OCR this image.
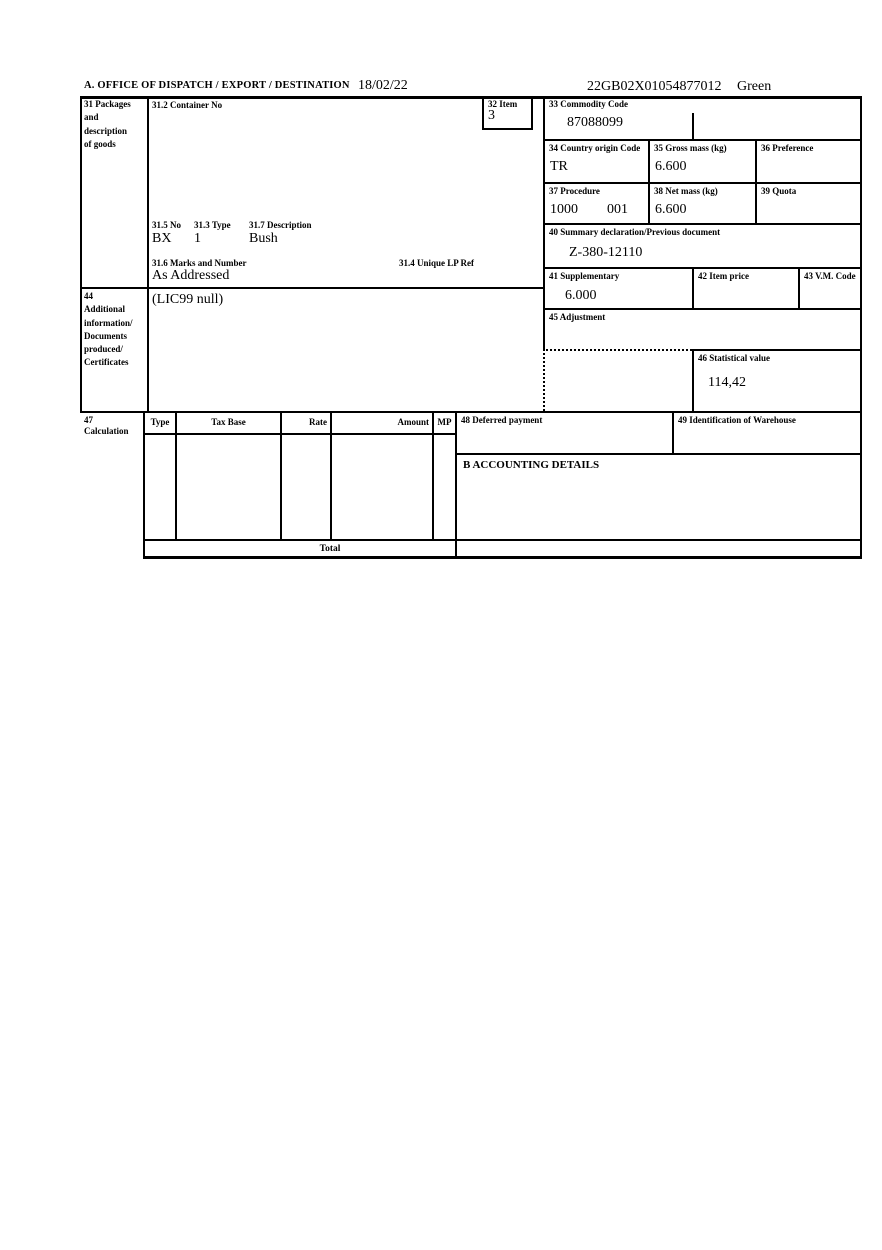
A. OFFICE OF DISPATCH / EXPORT / DESTINATION 18/02/22	22GB02X01054877012 Green
31 Packages
and
description
of goods
31.2 Container No
31.5 No 31.3 Type 31.7 Description
BX 1	Bush
31.6 Marks and Number	31.4 Unique LP Ref
As Addressed
32 Item
3
33 Commodity Code
87088099
34 Country origin Code
TR
35 Gross mass (kg)
6.600
36 Preference
37 Procedure
1000 001
38 Net mass (kg)
6.600
39 Quota
40 Summary declaration/Previous document
Z-380-12110
41 Supplementary
6.000
42 Item price	43 V.M. Code
44
Additional
information/
Documents
produced/
Certificates
(LIC99 null)
45 Adjustment
46 Statistical value
114,42
47
Calculation
Type	Tax Base	Rate	Amount MP
Total
48 Deferred payment	49 Identification of Warehouse
B ACCOUNTING DETAILS
